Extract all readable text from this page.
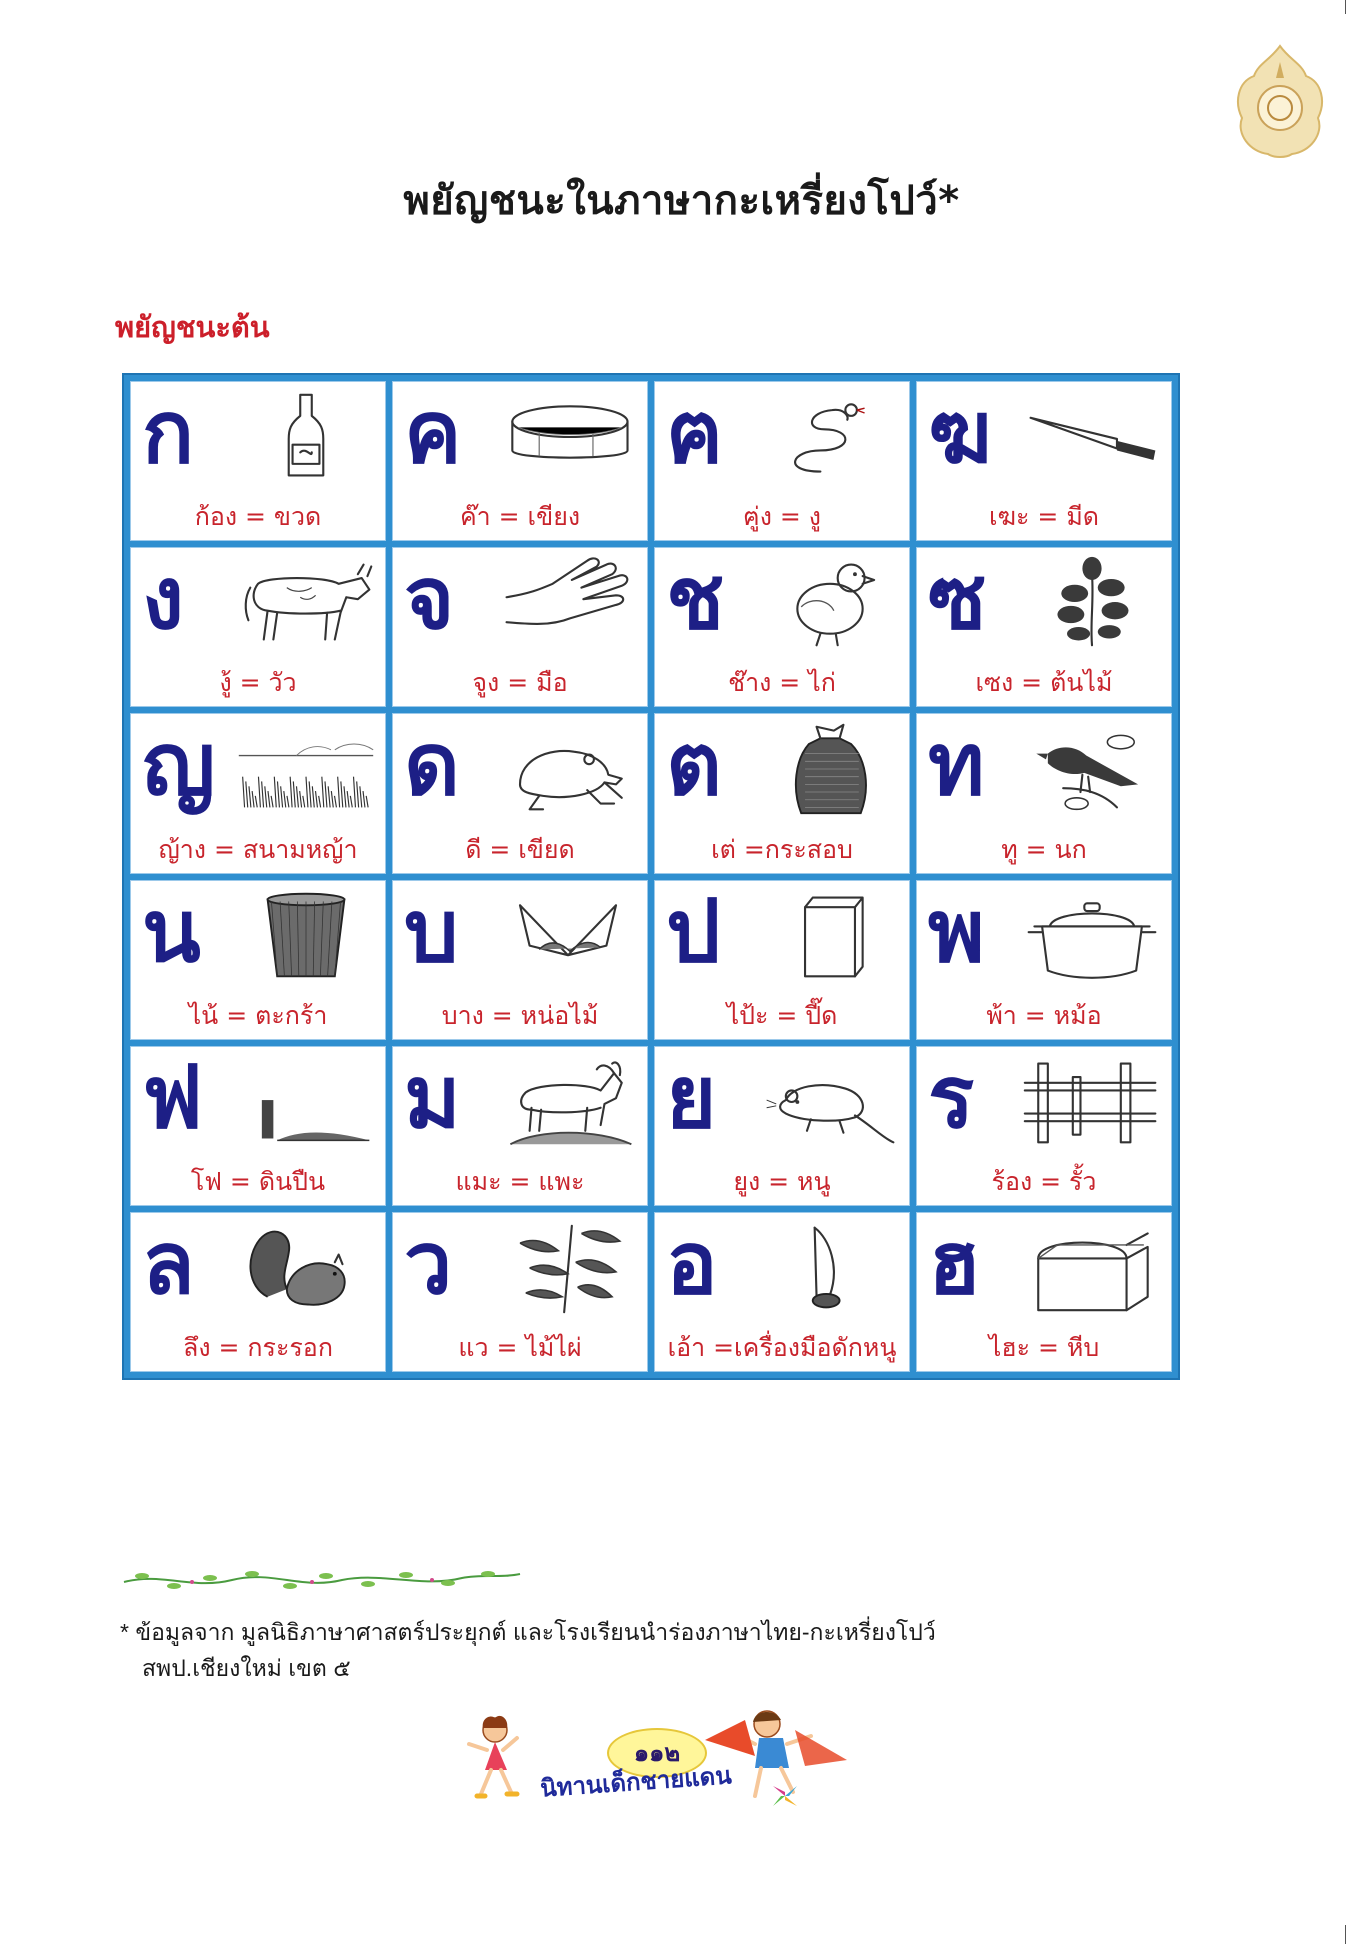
พยัญชนะในภาษากะเหรี่ยงโปว์*
พยัญชนะต้น
ก
ก้อง = ขวด
ค
ค๊า = เขียง
ฅ
ฅู่ง = งู
ฆ
เฆะ = มีด
ง
งู้ = วัว
จ
จูง = มือ
ช
ช๊าง = ไก่
ซ
เซง = ต้นไม้
ญ
ญ้าง = สนามหญ้า
ด
ดี = เขียด
ต
เต่ =กระสอบ
ท
ทู = นก
น
ไน้ = ตะกร้า
บ
บาง = หน่อไม้
ป
ไป้ะ = ปี๊ด
พ
พ้า = หม้อ
ฟ
โฟ = ดินปืน
ม
แมะ = แพะ
ย
ยูง = หนู
ร
ร้อง = รั้ว
ล
ลึง = กระรอก
ว
แว = ไม้ไผ่
อ
เอ้า =เครื่องมือดักหนู
ฮ
ไฮะ = หีบ
* ข้อมูลจาก มูลนิธิภาษาศาสตร์ประยุกต์ และโรงเรียนนำร่องภาษาไทย-กะเหรี่ยงโปว์
สพป.เชียงใหม่ เขต ๕
๑๑๒
นิทานเด็กชายแดน
